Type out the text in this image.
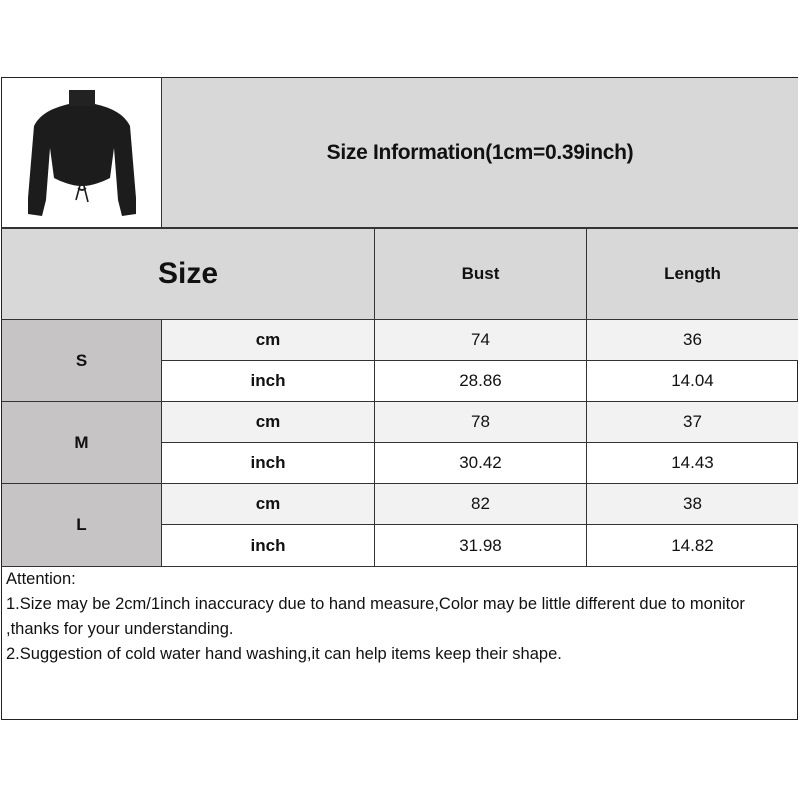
Size Information(1cm=0.39inch)
Size	Bust	Length
S
cm	74	36
inch	28.86	14.04
M
cm	78	37
inch	30.42	14.43
L
cm	82	38
inch	31.98	14.82
Attention:
1.Size may be 2cm/1inch inaccuracy due to hand measure,Color may be little different due to monitor ,thanks for your understanding.
2.Suggestion of cold water hand washing,it can help items keep their shape.
